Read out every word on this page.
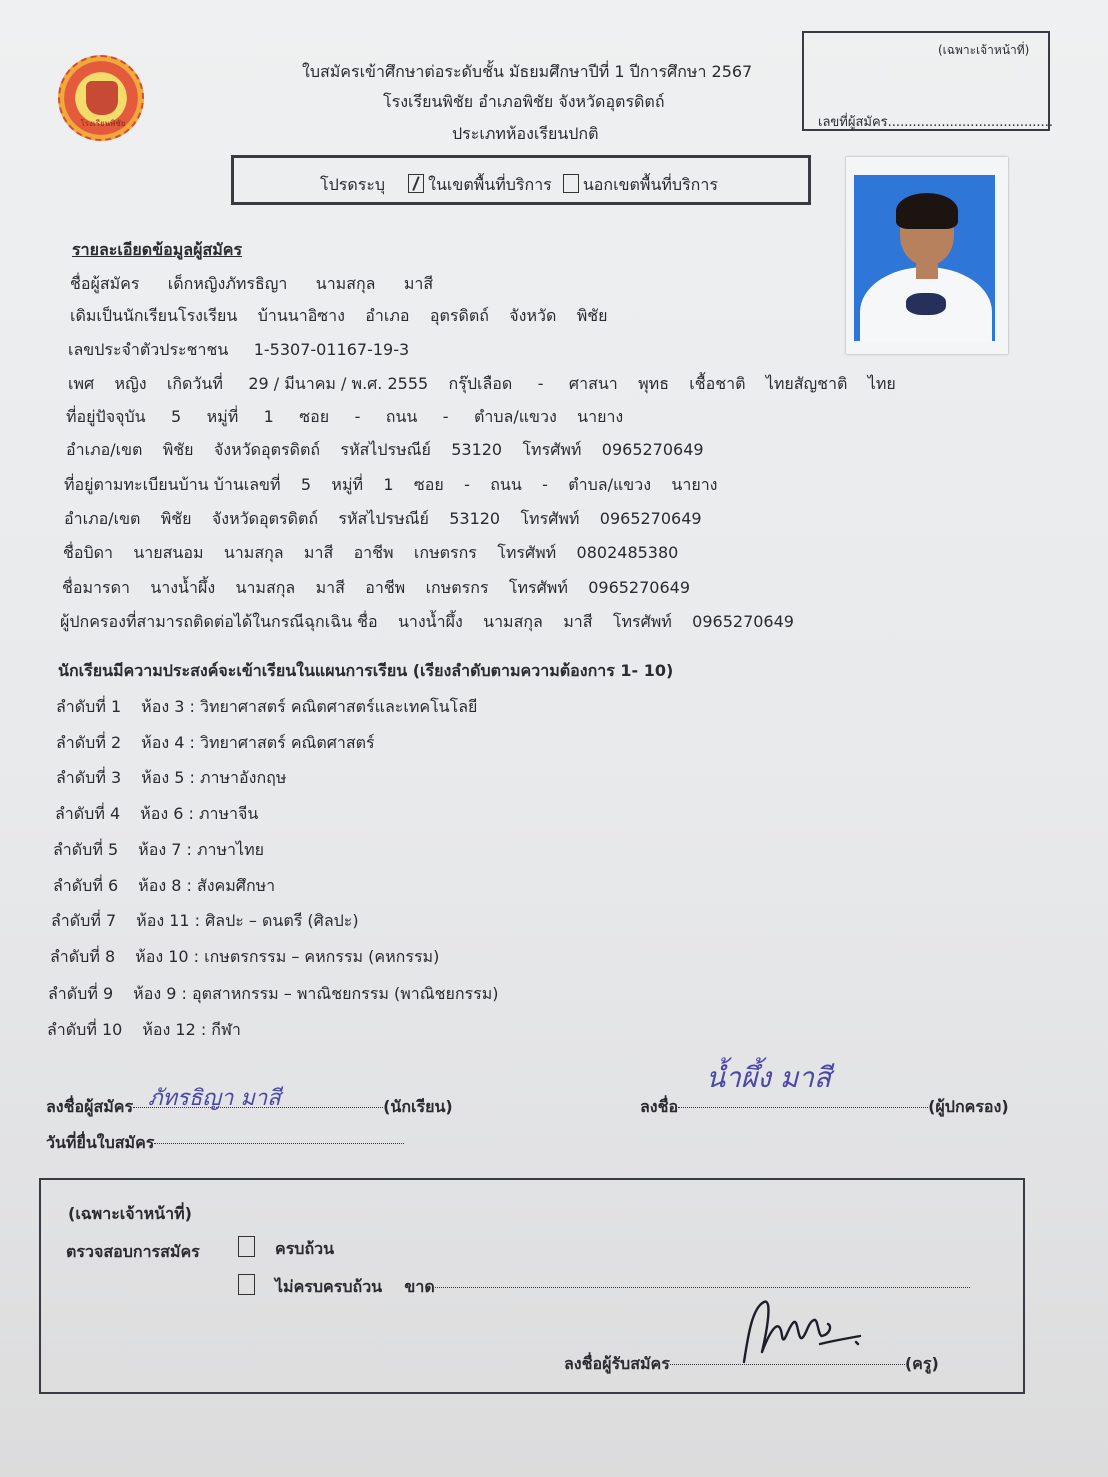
โรงเรียนพิชัย
ใบสมัครเข้าศึกษาต่อระดับชั้น มัธยมศึกษาปีที่ 1 ปีการศึกษา 2567
โรงเรียนพิชัย อำเภอพิชัย จังหวัดอุตรดิตถ์
ประเภทห้องเรียนปกติ
(เฉพาะเจ้าหน้าที่)
เลขที่ผู้สมัคร........................................
โปรดระบุ	ในเขตพื้นที่บริการ นอกเขตพื้นที่บริการ
รายละเอียดข้อมูลผู้สมัคร
ชื่อผู้สมัคร เด็กหญิงภัทรธิญา นามสกุล มาสี
เดิมเป็นนักเรียนโรงเรียน บ้านนาอิซาง อำเภอ อุตรดิตถ์ จังหวัด พิชัย
เลขประจำตัวประชาชน 1-5307-01167-19-3
เพศ หญิง เกิดวันที่ 29 / มีนาคม / พ.ศ. 2555 กรุ๊ปเลือด - ศาสนา พุทธ เชื้อชาติ ไทยสัญชาติ ไทย
ที่อยู่ปัจจุบัน 5 หมู่ที่ 1 ซอย - ถนน - ตำบล/แขวง นายาง
อำเภอ/เขต พิชัย จังหวัดอุตรดิตถ์ รหัสไปรษณีย์ 53120 โทรศัพท์ 0965270649
ที่อยู่ตามทะเบียนบ้าน บ้านเลขที่ 5 หมู่ที่ 1 ซอย - ถนน - ตำบล/แขวง นายาง
อำเภอ/เขต พิชัย จังหวัดอุตรดิตถ์ รหัสไปรษณีย์ 53120 โทรศัพท์ 0965270649
ชื่อบิดา นายสนอม นามสกุล มาสี อาชีพ เกษตรกร โทรศัพท์ 0802485380
ชื่อมารดา นางน้ำผึ้ง นามสกุล มาสี อาชีพ เกษตรกร โทรศัพท์ 0965270649
ผู้ปกครองที่สามารถติดต่อได้ในกรณีฉุกเฉิน ชื่อ นางน้ำผึ้ง นามสกุล มาสี โทรศัพท์ 0965270649
นักเรียนมีความประสงค์จะเข้าเรียนในแผนการเรียน (เรียงลำดับตามความต้องการ 1- 10)
ลำดับที่ 1 ห้อง 3 : วิทยาศาสตร์ คณิตศาสตร์และเทคโนโลยี
ลำดับที่ 2 ห้อง 4 : วิทยาศาสตร์ คณิตศาสตร์
ลำดับที่ 3 ห้อง 5 : ภาษาอังกฤษ
ลำดับที่ 4 ห้อง 6 : ภาษาจีน
ลำดับที่ 5 ห้อง 7 : ภาษาไทย
ลำดับที่ 6 ห้อง 8 : สังคมศึกษา
ลำดับที่ 7 ห้อง 11 : ศิลปะ – ดนตรี (ศิลปะ)
ลำดับที่ 8 ห้อง 10 : เกษตรกรรม – คหกรรม (คหกรรม)
ลำดับที่ 9 ห้อง 9 : อุตสาหกรรม – พาณิชยกรรม (พาณิชยกรรม)
ลำดับที่ 10 ห้อง 12 : กีฬา
ลงชื่อผู้สมัคร	(นักเรียน)
ภัทรธิญา มาสี	ลงชื่อ	(ผู้ปกครอง)
น้ำผึ้ง มาสี
วันที่ยื่นใบสมัคร
(เฉพาะเจ้าหน้าที่)
ตรวจสอบการสมัคร	ครบถ้วน
ไม่ครบครบถ้วน ขาด
ลงชื่อผู้รับสมัคร	(ครู)
